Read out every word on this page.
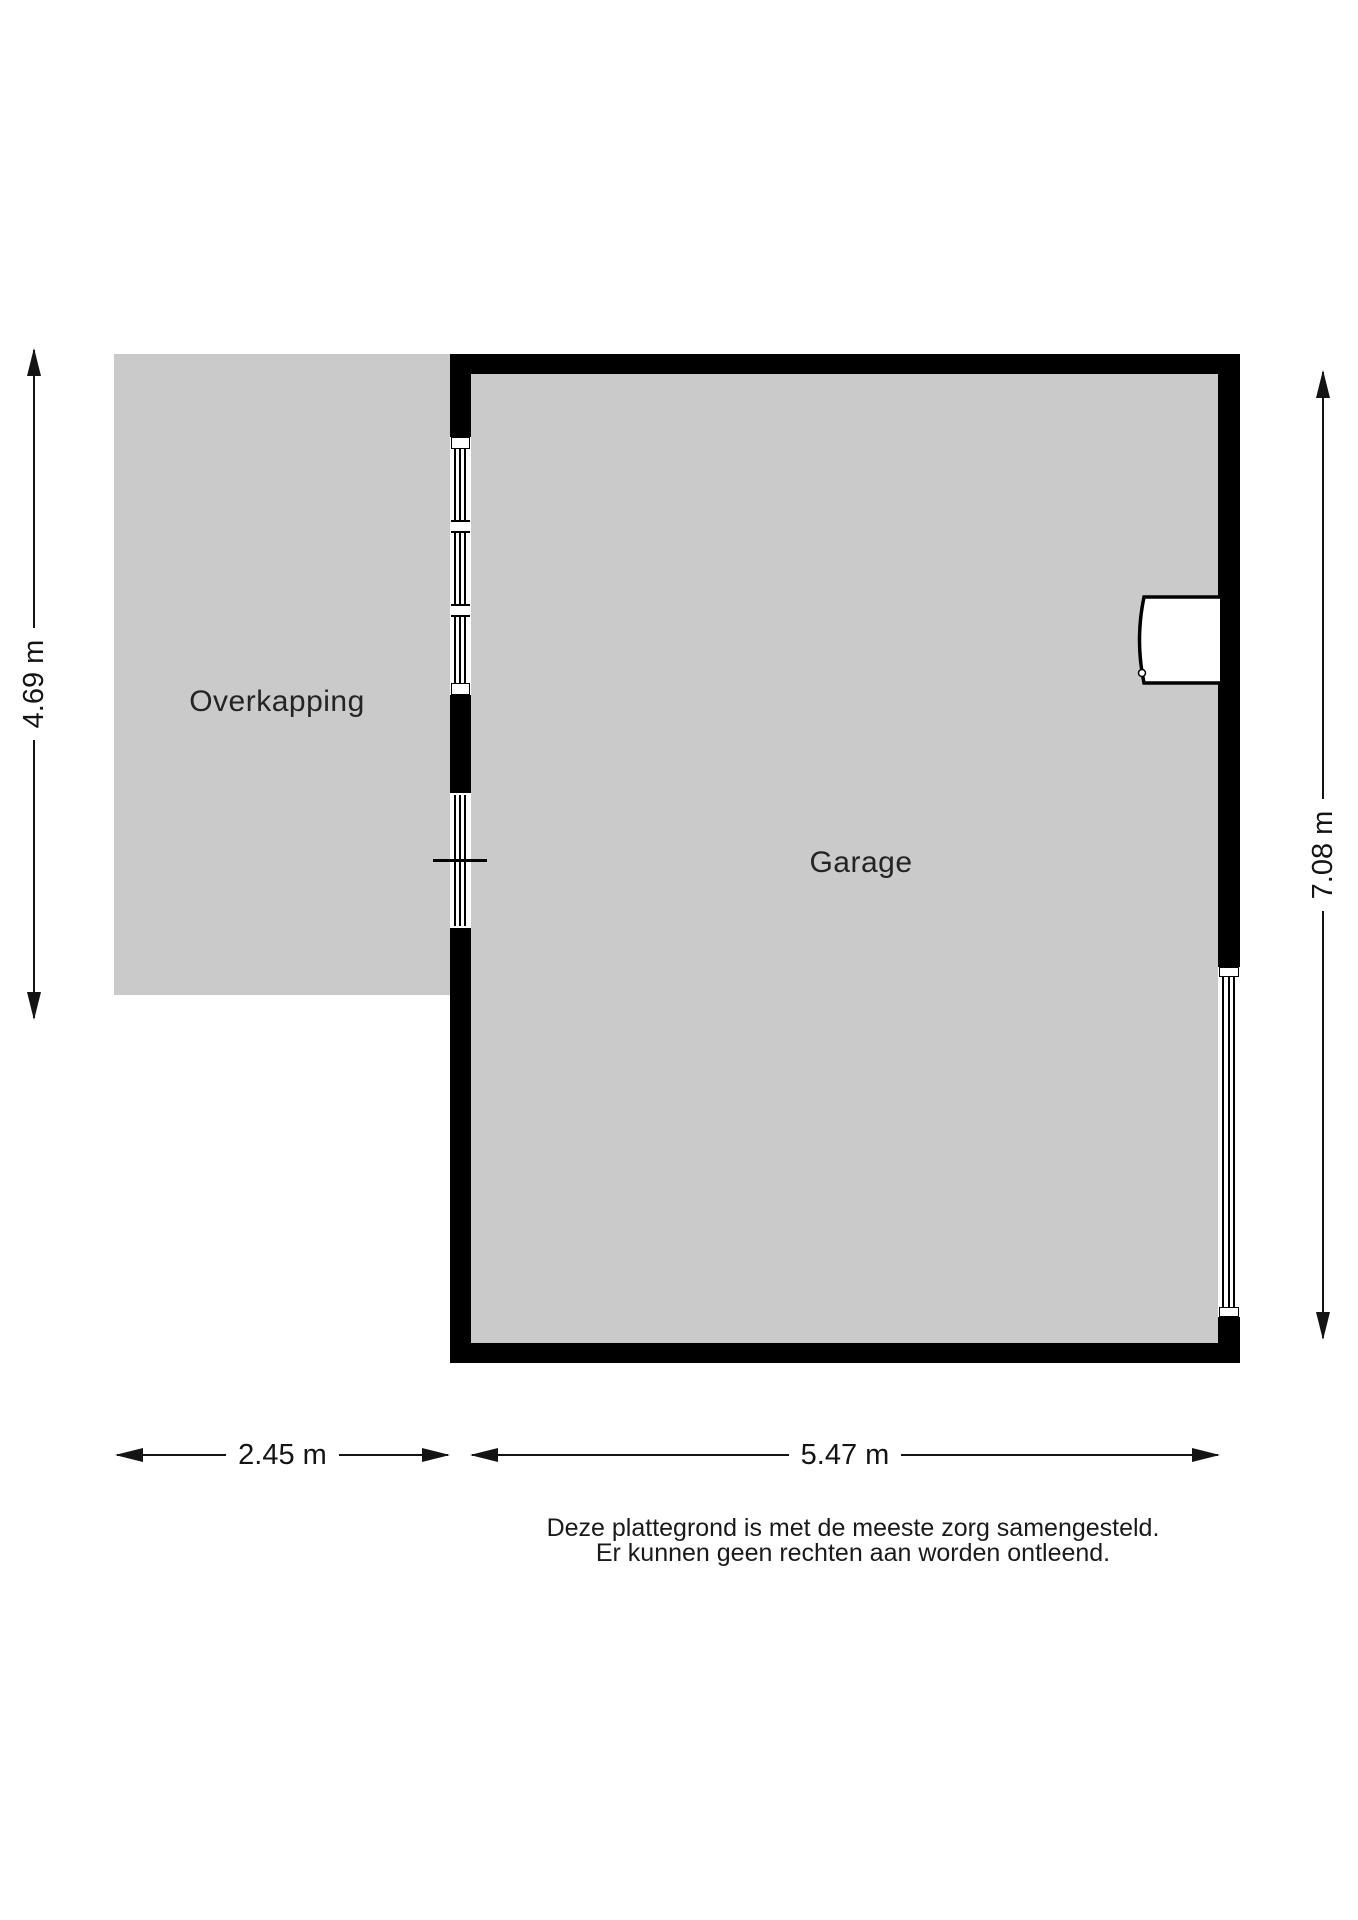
Overkapping
Garage
4.69 m
7.08 m
2.45 m	5.47 m
Deze plattegrond is met de meeste zorg samengesteld.
Er kunnen geen rechten aan worden ontleend.
